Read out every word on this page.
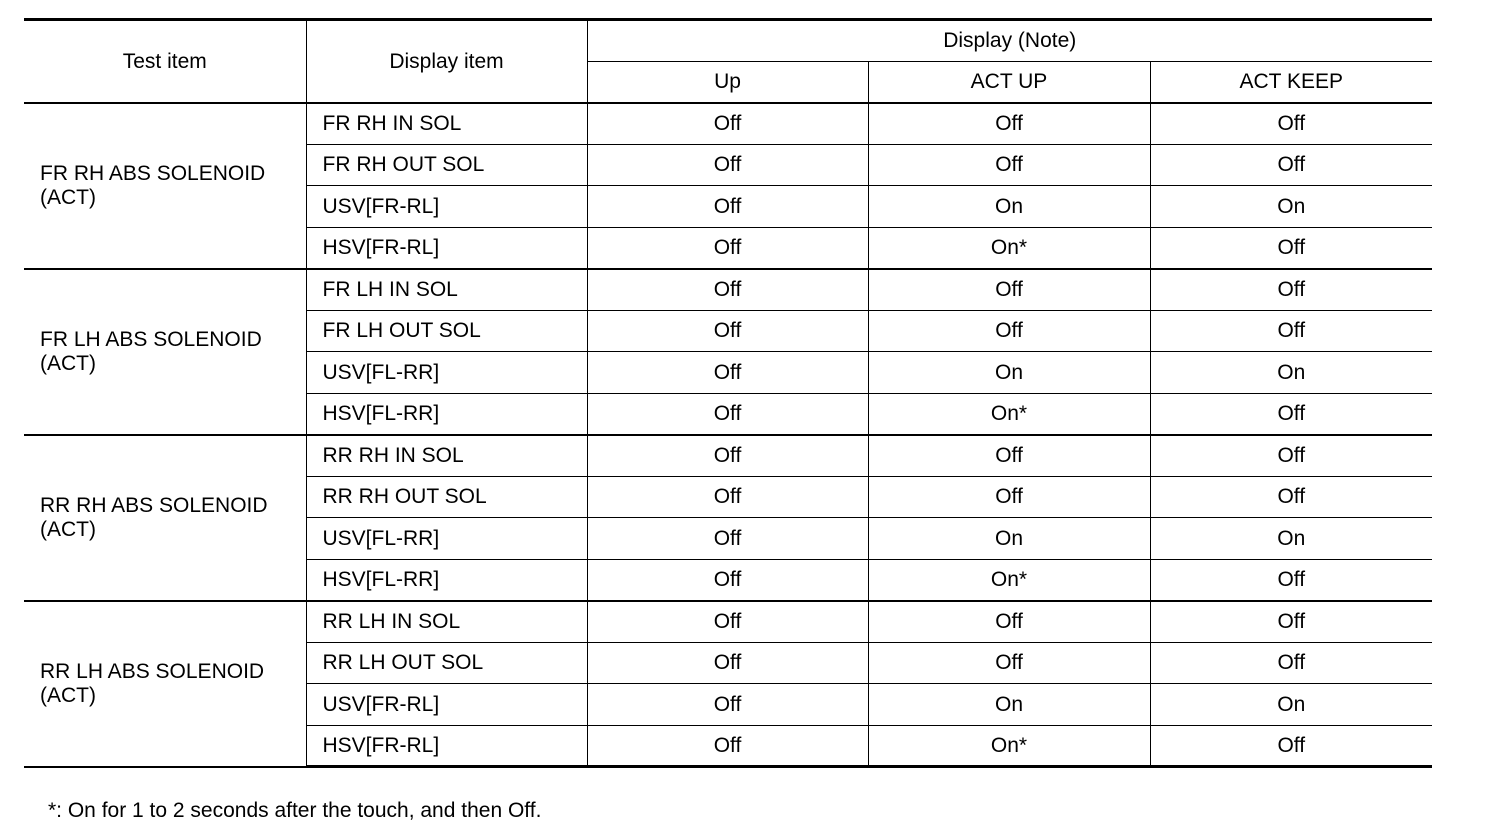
Test item	Display item	Display (Note)		
		Up	ACT UP	ACT KEEP

FR RH ABS SOLENOID
(ACT)	FR RH IN SOL	Off	Off	Off
	FR RH OUT SOL	Off	Off	Off
	USV[FR-RL]	Off	On	On
	HSV[FR-RL]	Off	On*	Off

FR LH ABS SOLENOID
(ACT)	FR LH IN SOL	Off	Off	Off
	FR LH OUT SOL	Off	Off	Off
	USV[FL-RR]	Off	On	On
	HSV[FL-RR]	Off	On*	Off

RR RH ABS SOLENOID
(ACT)	RR RH IN SOL	Off	Off	Off
	RR RH OUT SOL	Off	Off	Off
	USV[FL-RR]	Off	On	On
	HSV[FL-RR]	Off	On*	Off

RR LH ABS SOLENOID
(ACT)	RR LH IN SOL	Off	Off	Off
	RR LH OUT SOL	Off	Off	Off
	USV[FR-RL]	Off	On	On
	HSV[FR-RL]	Off	On*	Off
*: On for 1 to 2 seconds after the touch, and then Off.
